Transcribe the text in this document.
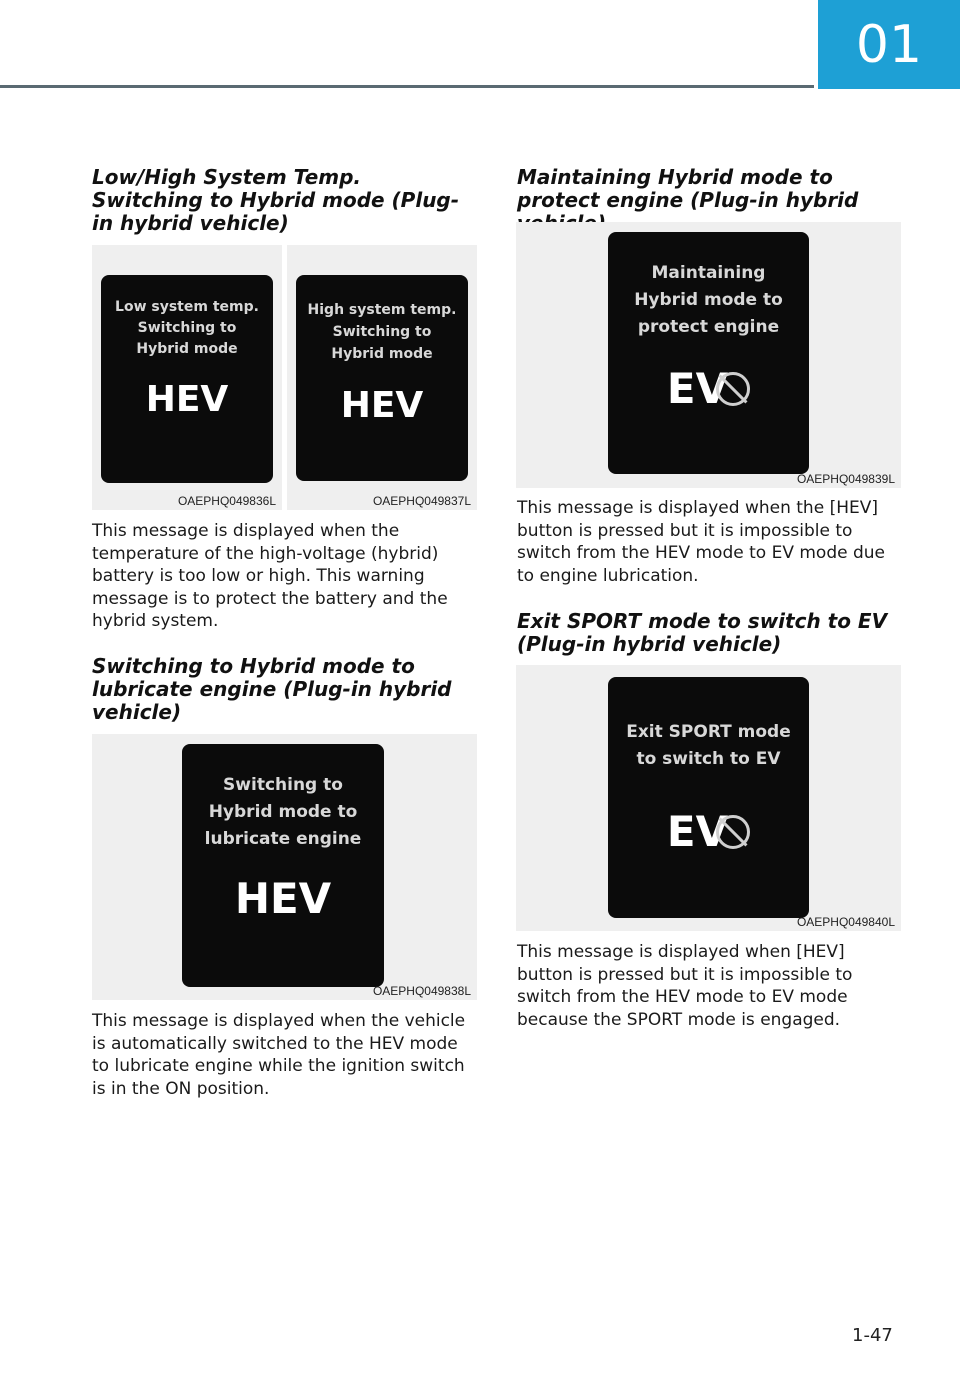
01
Low/High System Temp. Switching to Hybrid mode (Plug-in hybrid vehicle)
Low system temp.
Switching to
Hybrid mode
HEV
OAEPHQ049836L
High system temp.
Switching to
Hybrid mode
HEV
OAEPHQ049837L

This message is displayed when the temperature of the high-voltage (hybrid) battery is too low or high. This warning message is to protect the battery and the hybrid system.

Switching to Hybrid mode to lubricate engine (Plug-in hybrid vehicle)
Switching to
Hybrid mode to
lubricate engine
HEV
OAEPHQ049838L

This message is displayed when the vehicle is automatically switched to the HEV mode to lubricate engine while the ignition switch is in the ON position.

Maintaining Hybrid mode to protect engine (Plug-in hybrid
Maintaining
Hybrid mode to
protect engine
EV
OAEPHQ049839L

This message is displayed when the [HEV] button is pressed but it is impossible to switch from the HEV mode to EV mode due to engine lubrication.

Exit SPORT mode to switch to EV (Plug-in hybrid vehicle)
Exit SPORT mode
to switch to EV
EV
OAEPHQ049840L

This message is displayed when [HEV] button is pressed but it is impossible to switch from the HEV mode to EV mode because the SPORT mode is engaged.

1-47
